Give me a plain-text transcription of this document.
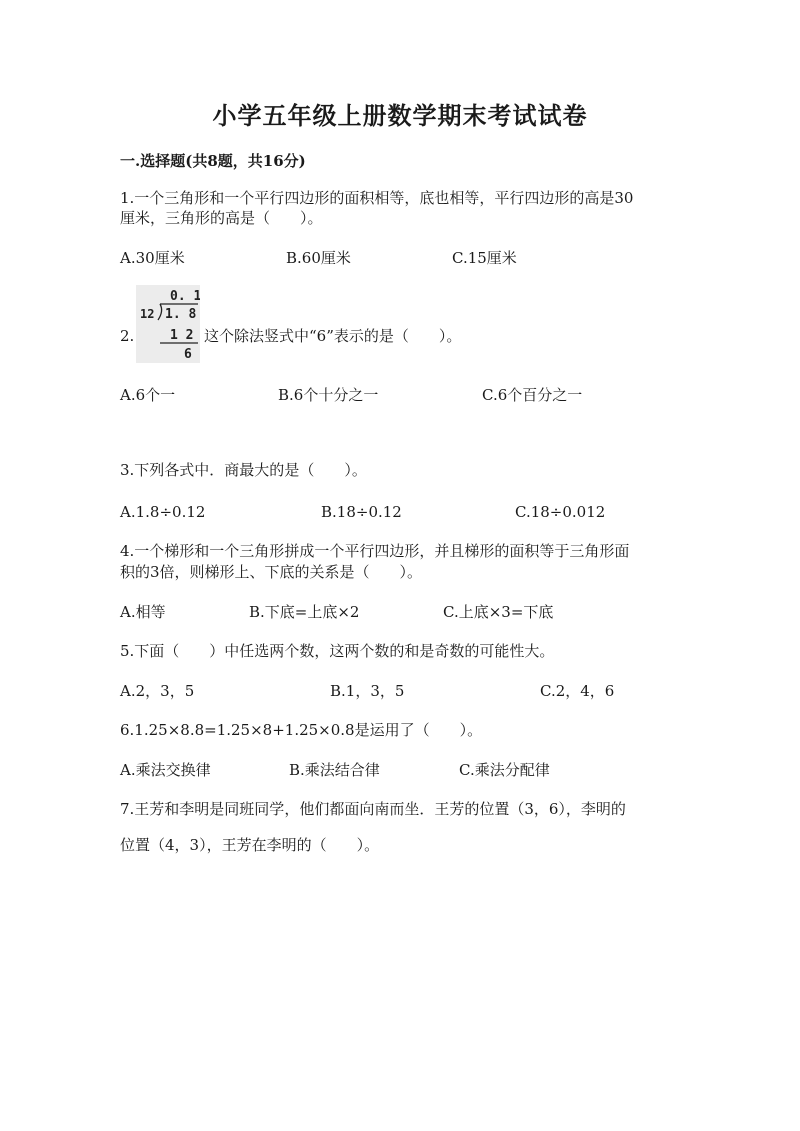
小学五年级上册数学期末考试试卷
一.选择题(共8题，共16分)
1.一个三角形和一个平行四边形的面积相等，底也相等，平行四边形的高是30
厘米，三角形的高是（　　）。
A.30厘米	B.60厘米	C.15厘米
2.
0. 1
12 1. 8
1 2
6
这个除法竖式中“6”表示的是（　　）。
A.6个一	B.6个十分之一	C.6个百分之一
3.下列各式中．商最大的是（　　）。
A.1.8÷0.12	B.18÷0.12	C.18÷0.012
4.一个梯形和一个三角形拼成一个平行四边形，并且梯形的面积等于三角形面
积的3倍，则梯形上、下底的关系是（　　）。
A.相等	B.下底=上底×2	C.上底×3=下底
5.下面（　　）中任选两个数，这两个数的和是奇数的可能性大。
A.2，3，5	B.1，3，5	C.2，4，6
6.1.25×8.8=1.25×8+1.25×0.8是运用了（　　）。
A.乘法交换律	B.乘法结合律	C.乘法分配律
7.王芳和李明是同班同学，他们都面向南而坐．王芳的位置（3，6），李明的
位置（4，3），王芳在李明的（　　）。
